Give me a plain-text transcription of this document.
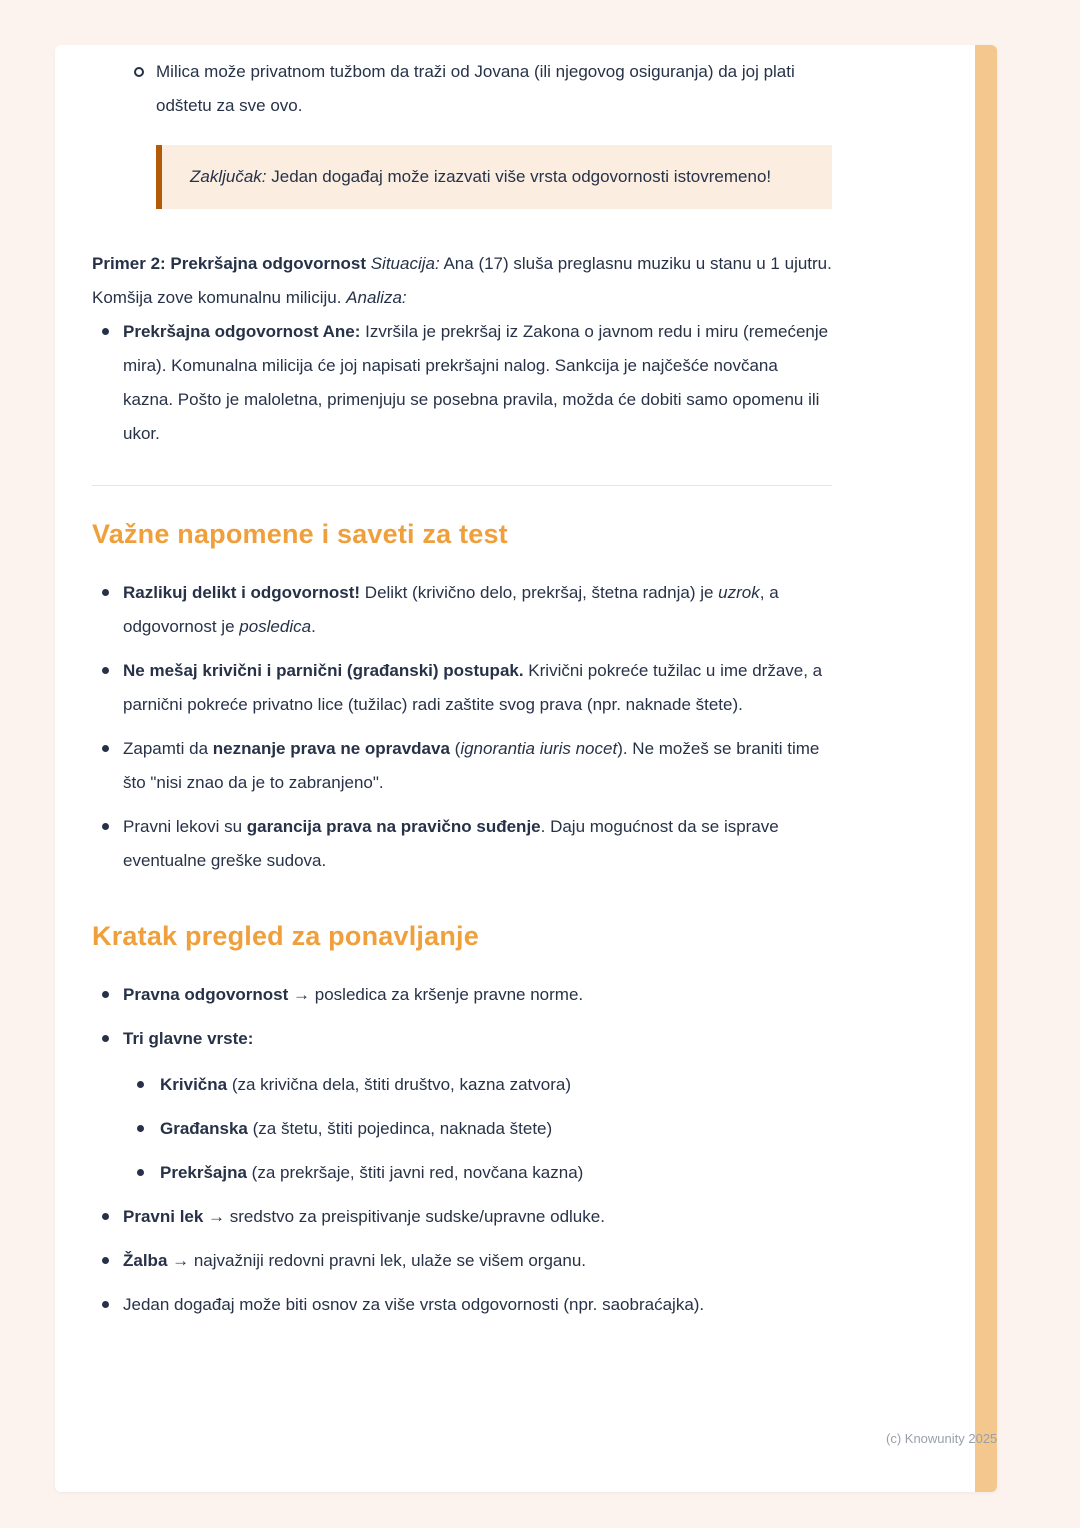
Milica može privatnom tužbom da traži od Jovana (ili njegovog osiguranja) da joj plati odštetu za sve ovo.

Zaključak: Jedan događaj može izazvati više vrsta odgovornosti istovremeno!

Primer 2: Prekršajna odgovornost Situacija: Ana (17) sluša preglasnu muziku u stanu u 1 ujutru. Komšija zove komunalnu miliciju. Analiza:

Prekršajna odgovornost Ane: Izvršila je prekršaj iz Zakona o javnom redu i miru (remećenje mira). Komunalna milicija će joj napisati prekršajni nalog. Sankcija je najčešće novčana kazna. Pošto je maloletna, primenjuju se posebna pravila, možda će dobiti samo opomenu ili ukor.
Važne napomene i saveti za test
Razlikuj delikt i odgovornost! Delikt (krivično delo, prekršaj, štetna radnja) je uzrok, a odgovornost je posledica.
Ne mešaj krivični i parnični (građanski) postupak. Krivični pokreće tužilac u ime države, a parnični pokreće privatno lice (tužilac) radi zaštite svog prava (npr. naknade štete).
Zapamti da neznanje prava ne opravdava (ignorantia iuris nocet). Ne možeš se braniti time što "nisi znao da je to zabranjeno".
Pravni lekovi su garancija prava na pravično suđenje. Daju mogućnost da se isprave eventualne greške sudova.
Kratak pregled za ponavljanje
Pravna odgovornost → posledica za kršenje pravne norme.
Tri glavne vrste:
Krivična (za krivična dela, štiti društvo, kazna zatvora)
Građanska (za štetu, štiti pojedinca, naknada štete)
Prekršajna (za prekršaje, štiti javni red, novčana kazna)
Pravni lek → sredstvo za preispitivanje sudske/upravne odluke.
Žalba → najvažniji redovni pravni lek, ulaže se višem organu.
Jedan događaj može biti osnov za više vrsta odgovornosti (npr. saobraćajka).
(c) Knowunity 2025
